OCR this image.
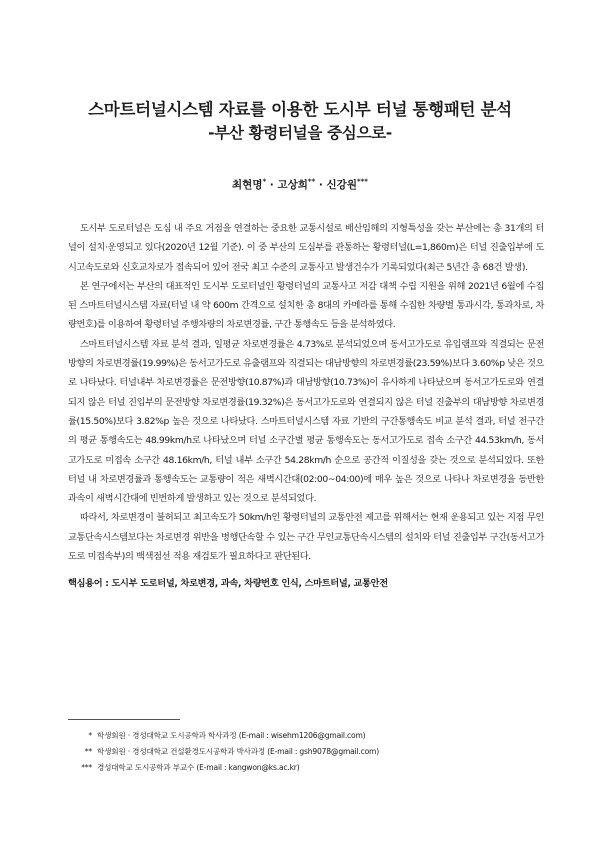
스마트터널시스템 자료를 이용한 도시부 터널 통행패턴 분석
-부산 황령터널을 중심으로-
최현명* · 고상희** · 신강원***

도시부 도로터널은 도심 내 주요 거점을 연결하는 중요한 교통시설로 배산임해의 지형특성을 갖는 부산에는 총 31개의 터널이 설치·운영되고 있다(2020년 12월 기준). 이 중 부산의 도심부를 관통하는 황령터널(L=1,860m)은 터널 진출입부에 도시고속도로와 신호교차로가 접속되어 있어 전국 최고 수준의 교통사고 발생건수가 기록되었다(최근 5년간 총 68건 발생).

본 연구에서는 부산의 대표적인 도시부 도로터널인 황령터널의 교통사고 저감 대책 수립 지원을 위해 2021년 6월에 수집된 스마트터널시스템 자료(터널 내 약 600m 간격으로 설치한 총 8대의 카메라를 통해 수집한 차량별 통과시각, 통과차로, 차량번호)를 이용하여 황령터널 주행차량의 차로변경률, 구간 통행속도 등을 분석하였다.

스마트터널시스템 자료 분석 결과, 일평균 차로변경률은 4.73%로 분석되었으며 동서고가도로 유입램프와 직결되는 문전방향의 차로변경률(19.99%)은 동서고가도로 유출램프와 직결되는 대남방향의 차로변경률(23.59%)보다 3.60%p 낮은 것으로 나타났다. 터널내부 차로변경률은 문전방향(10.87%)과 대남방향(10.73%)이 유사하게 나타났으며 동서고가도로와 연결되지 않은 터널 진입부의 문전방향 차로변경률(19.32%)은 동서고가도로와 연결되지 않은 터널 진출부의 대남방향 차로변경률(15.50%)보다 3.82%p 높은 것으로 나타났다. 스마트터널시스템 자료 기반의 구간통행속도 비교 분석 결과, 터널 전구간의 평균 통행속도는 48.99km/h로 나타났으며 터널 소구간별 평균 통행속도는 동서고가도로 접속 소구간 44.53km/h, 동서고가도로 미접속 소구간 48.16km/h, 터널 내부 소구간 54.28km/h 순으로 공간적 이질성을 갖는 것으로 분석되었다. 또한 터널 내 차로변경률과 통행속도는 교통량이 적은 새벽시간대(02:00~04:00)에 매우 높은 것으로 나타나 차로변경을 동반한 과속이 새벽시간대에 빈번하게 발생하고 있는 것으로 분석되었다.

따라서, 차로변경이 불허되고 최고속도가 50km/h인 황령터널의 교통안전 제고를 위해서는 현재 운용되고 있는 지점 무인교통단속시스템보다는 차로변경 위반을 병행단속할 수 있는 구간 무인교통단속시스템의 설치와 터널 진출입부 구간(동서고가도로 미접속부)의 백색점선 적용 재검토가 필요하다고 판단된다.

핵심용어 : 도시부 도로터널, 차로변경, 과속, 차량번호 인식, 스마트터널, 교통안전
* 학생회원 · 경성대학교 도시공학과 학사과정 (E-mail : wisehm1206@gmail.com)
** 학생회원 · 경성대학교 건설환경도시공학과 박사과정 (E-mail : gsh9078@gmail.com)
*** 경성대학교 도시공학과 부교수 (E-mail : kangwon@ks.ac.kr)
